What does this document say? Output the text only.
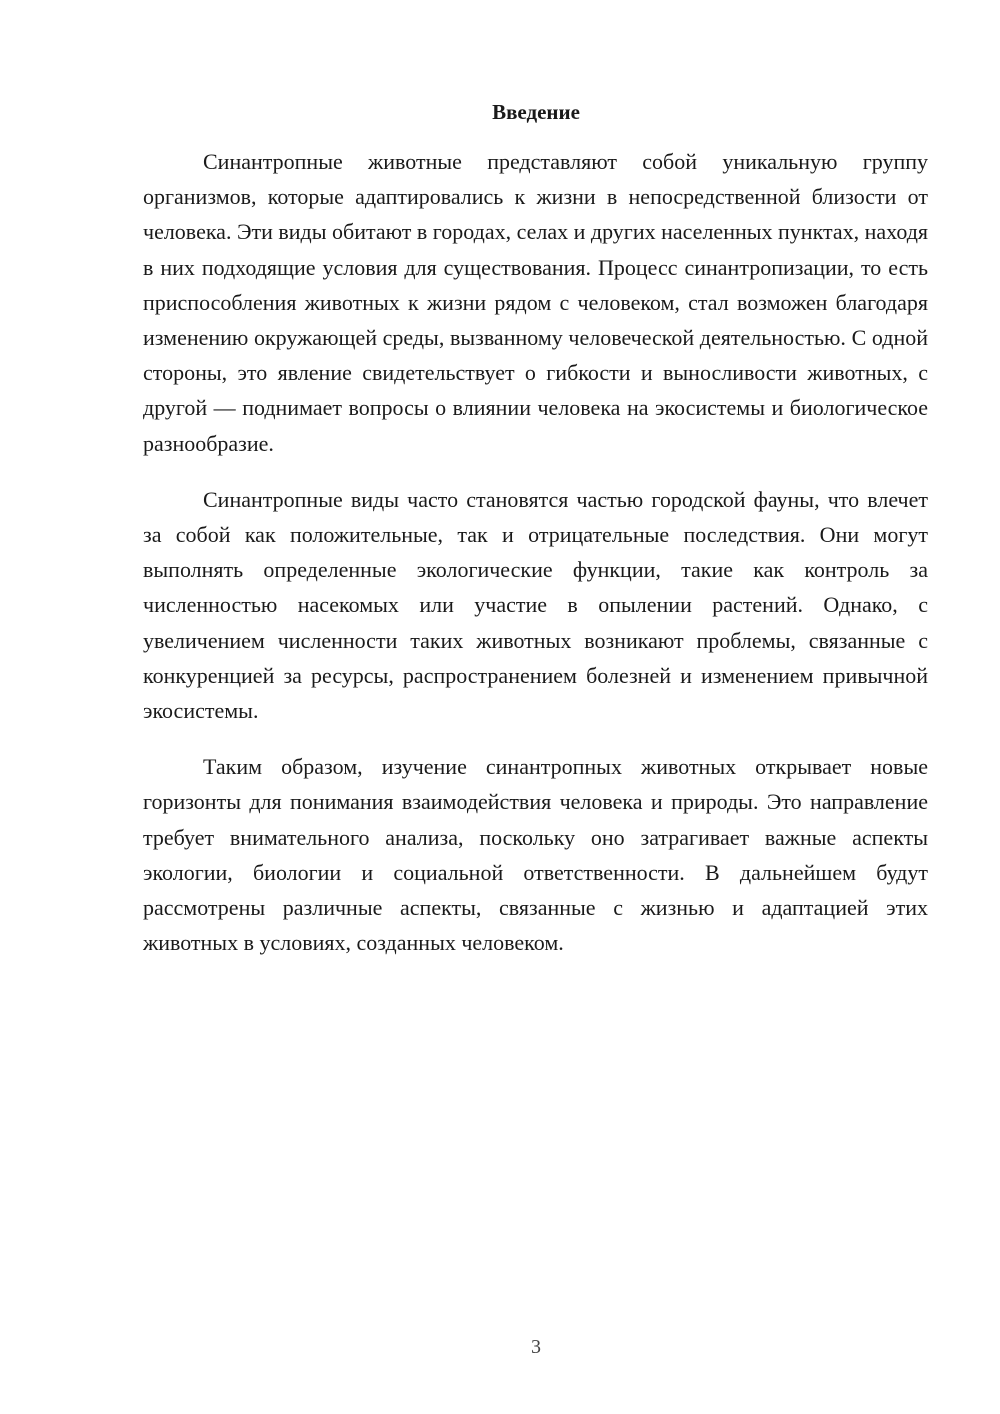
Введение

Синантропные животные представляют собой уникальную группу организмов, которые адаптировались к жизни в непосредственной близости от человека. Эти виды обитают в городах, селах и других населенных пунктах, находя в них подходящие условия для существования. Процесс синантропизации, то есть приспособления животных к жизни рядом с человеком, стал возможен благодаря изменению окружающей среды, вызванному человеческой деятельностью. С одной стороны, это явление свидетельствует о гибкости и выносливости животных, с другой — поднимает вопросы о влиянии человека на экосистемы и биологическое разнообразие.

Синантропные виды часто становятся частью городской фауны, что влечет за собой как положительные, так и отрицательные последствия. Они могут выполнять определенные экологические функции, такие как контроль за численностью насекомых или участие в опылении растений. Однако, с увеличением численности таких животных возникают проблемы, связанные с конкуренцией за ресурсы, распространением болезней и изменением привычной экосистемы.

Таким образом, изучение синантропных животных открывает новые горизонты для понимания взаимодействия человека и природы. Это направление требует внимательного анализа, поскольку оно затрагивает важные аспекты экологии, биологии и социальной ответственности. В дальнейшем будут рассмотрены различные аспекты, связанные с жизнью и адаптацией этих животных в условиях, созданных человеком.

3
